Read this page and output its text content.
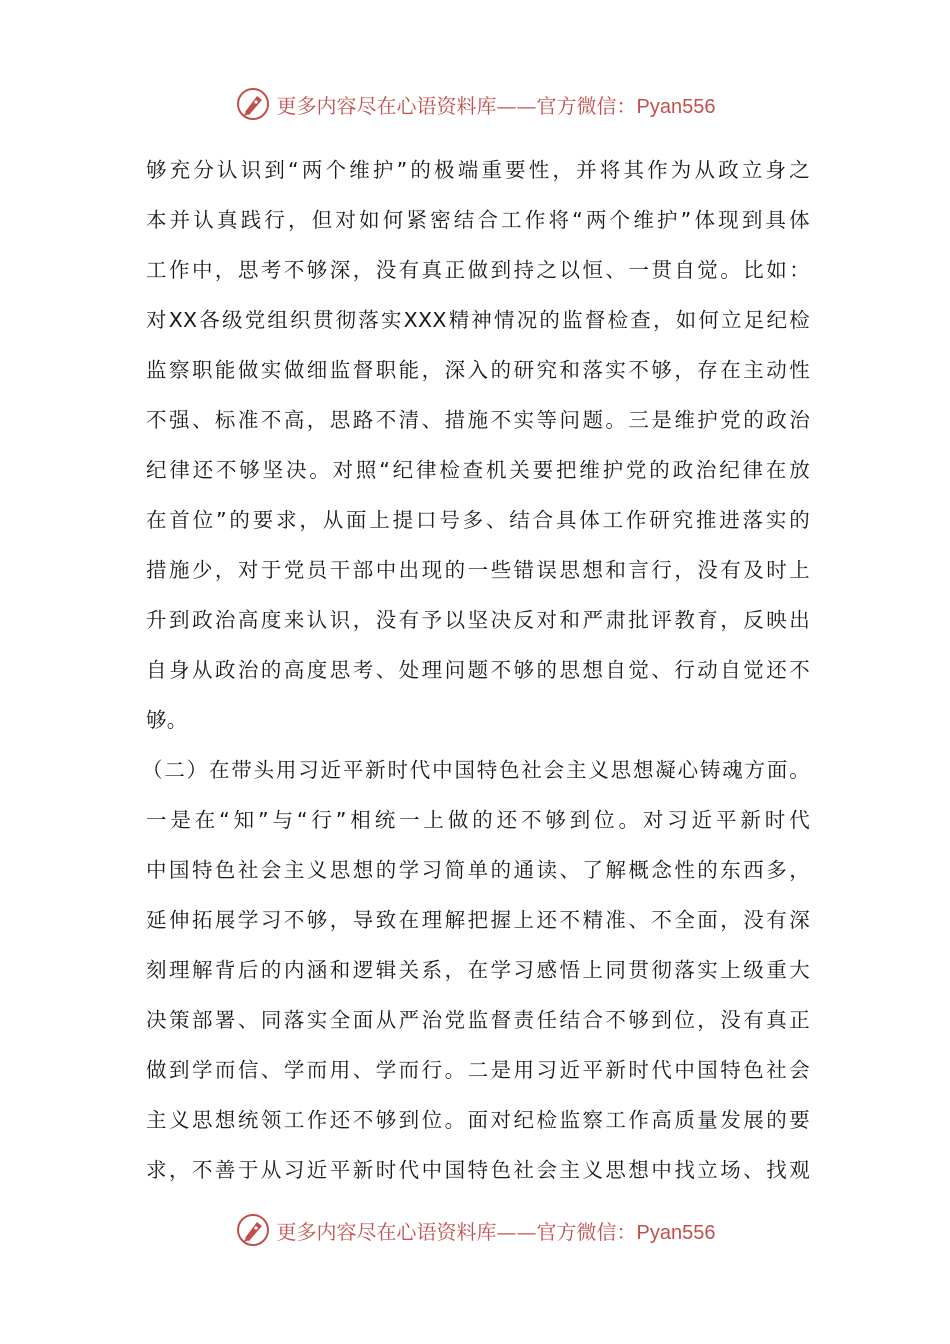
更多内容尽在心语资料库——官方微信：Pyan556
够充分认识到“两个维护”的极端重要性，并将其作为从政立身之
本并认真践行，但对如何紧密结合工作将“两个维护”体现到具体
工作中，思考不够深，没有真正做到持之以恒、一贯自觉。比如：
对XX各级党组织贯彻落实XXX精神情况的监督检查，如何立足纪检
监察职能做实做细监督职能，深入的研究和落实不够，存在主动性
不强、标准不高，思路不清、措施不实等问题。三是维护党的政治
纪律还不够坚决。对照“纪律检查机关要把维护党的政治纪律在放
在首位”的要求，从面上提口号多、结合具体工作研究推进落实的
措施少，对于党员干部中出现的一些错误思想和言行，没有及时上
升到政治高度来认识，没有予以坚决反对和严肃批评教育，反映出
自身从政治的高度思考、处理问题不够的思想自觉、行动自觉还不
够。
（二）在带头用习近平新时代中国特色社会主义思想凝心铸魂方面。
一是在“知”与“行”相统一上做的还不够到位。对习近平新时代
中国特色社会主义思想的学习简单的通读、了解概念性的东西多，
延伸拓展学习不够，导致在理解把握上还不精准、不全面，没有深
刻理解背后的内涵和逻辑关系，在学习感悟上同贯彻落实上级重大
决策部署、同落实全面从严治党监督责任结合不够到位，没有真正
做到学而信、学而用、学而行。二是用习近平新时代中国特色社会
主义思想统领工作还不够到位。面对纪检监察工作高质量发展的要
求，不善于从习近平新时代中国特色社会主义思想中找立场、找观
更多内容尽在心语资料库——官方微信：Pyan556
